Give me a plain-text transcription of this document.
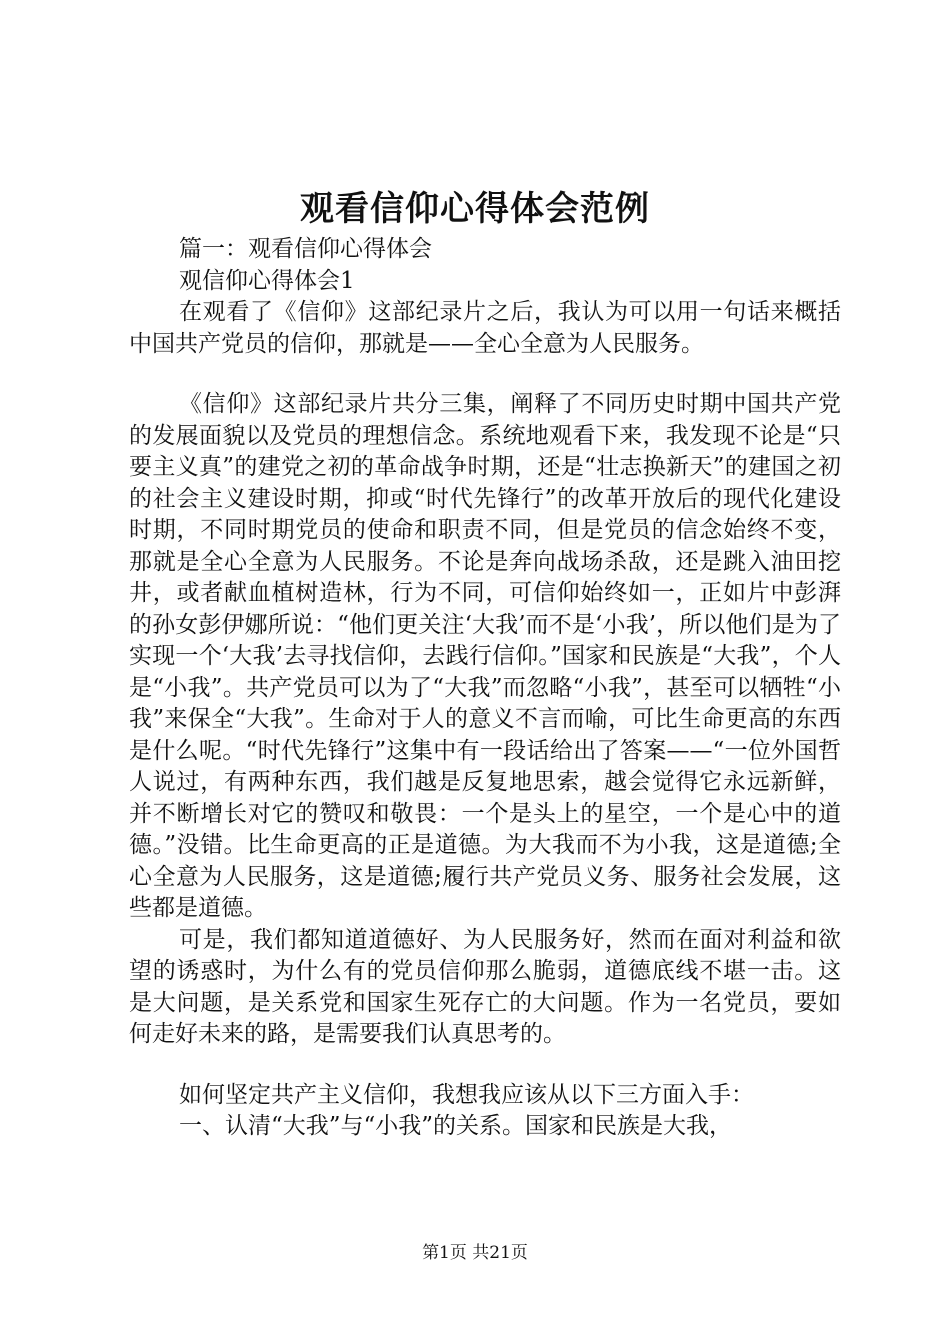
观看信仰心得体会范例

篇一：观看信仰心得体会

观信仰心得体会1

在观看了《信仰》这部纪录片之后，我认为可以用一句话来概括中国共产党员的信仰，那就是——全心全意为人民服务。

《信仰》这部纪录片共分三集，阐释了不同历史时期中国共产党的发展面貌以及党员的理想信念。系统地观看下来，我发现不论是“只要主义真”的建党之初的革命战争时期，还是“壮志换新天”的建国之初的社会主义建设时期，抑或“时代先锋行”的改革开放后的现代化建设时期，不同时期党员的使命和职责不同，但是党员的信念始终不变，那就是全心全意为人民服务。不论是奔向战场杀敌，还是跳入油田挖井，或者献血植树造林，行为不同，可信仰始终如一，正如片中彭湃的孙女彭伊娜所说：“他们更关注‘大我’而不是‘小我’，所以他们是为了实现一个‘大我’去寻找信仰，去践行信仰。”国家和民族是“大我”，个人是“小我”。共产党员可以为了“大我”而忽略“小我”，甚至可以牺牲“小我”来保全“大我”。生命对于人的意义不言而喻，可比生命更高的东西是什么呢。“时代先锋行”这集中有一段话给出了答案——“一位外国哲人说过，有两种东西，我们越是反复地思索，越会觉得它永远新鲜，并不断增长对它的赞叹和敬畏：一个是头上的星空，一个是心中的道德。”没错。比生命更高的正是道德。为大我而不为小我，这是道德;全心全意为人民服务，这是道德;履行共产党员义务、服务社会发展，这些都是道德。

可是，我们都知道道德好、为人民服务好，然而在面对利益和欲望的诱惑时，为什么有的党员信仰那么脆弱，道德底线不堪一击。这是大问题，是关系党和国家生死存亡的大问题。作为一名党员，要如何走好未来的路，是需要我们认真思考的。

如何坚定共产主义信仰，我想我应该从以下三方面入手：

一、认清“大我”与“小我”的关系。国家和民族是大我，

第1页 共21页
